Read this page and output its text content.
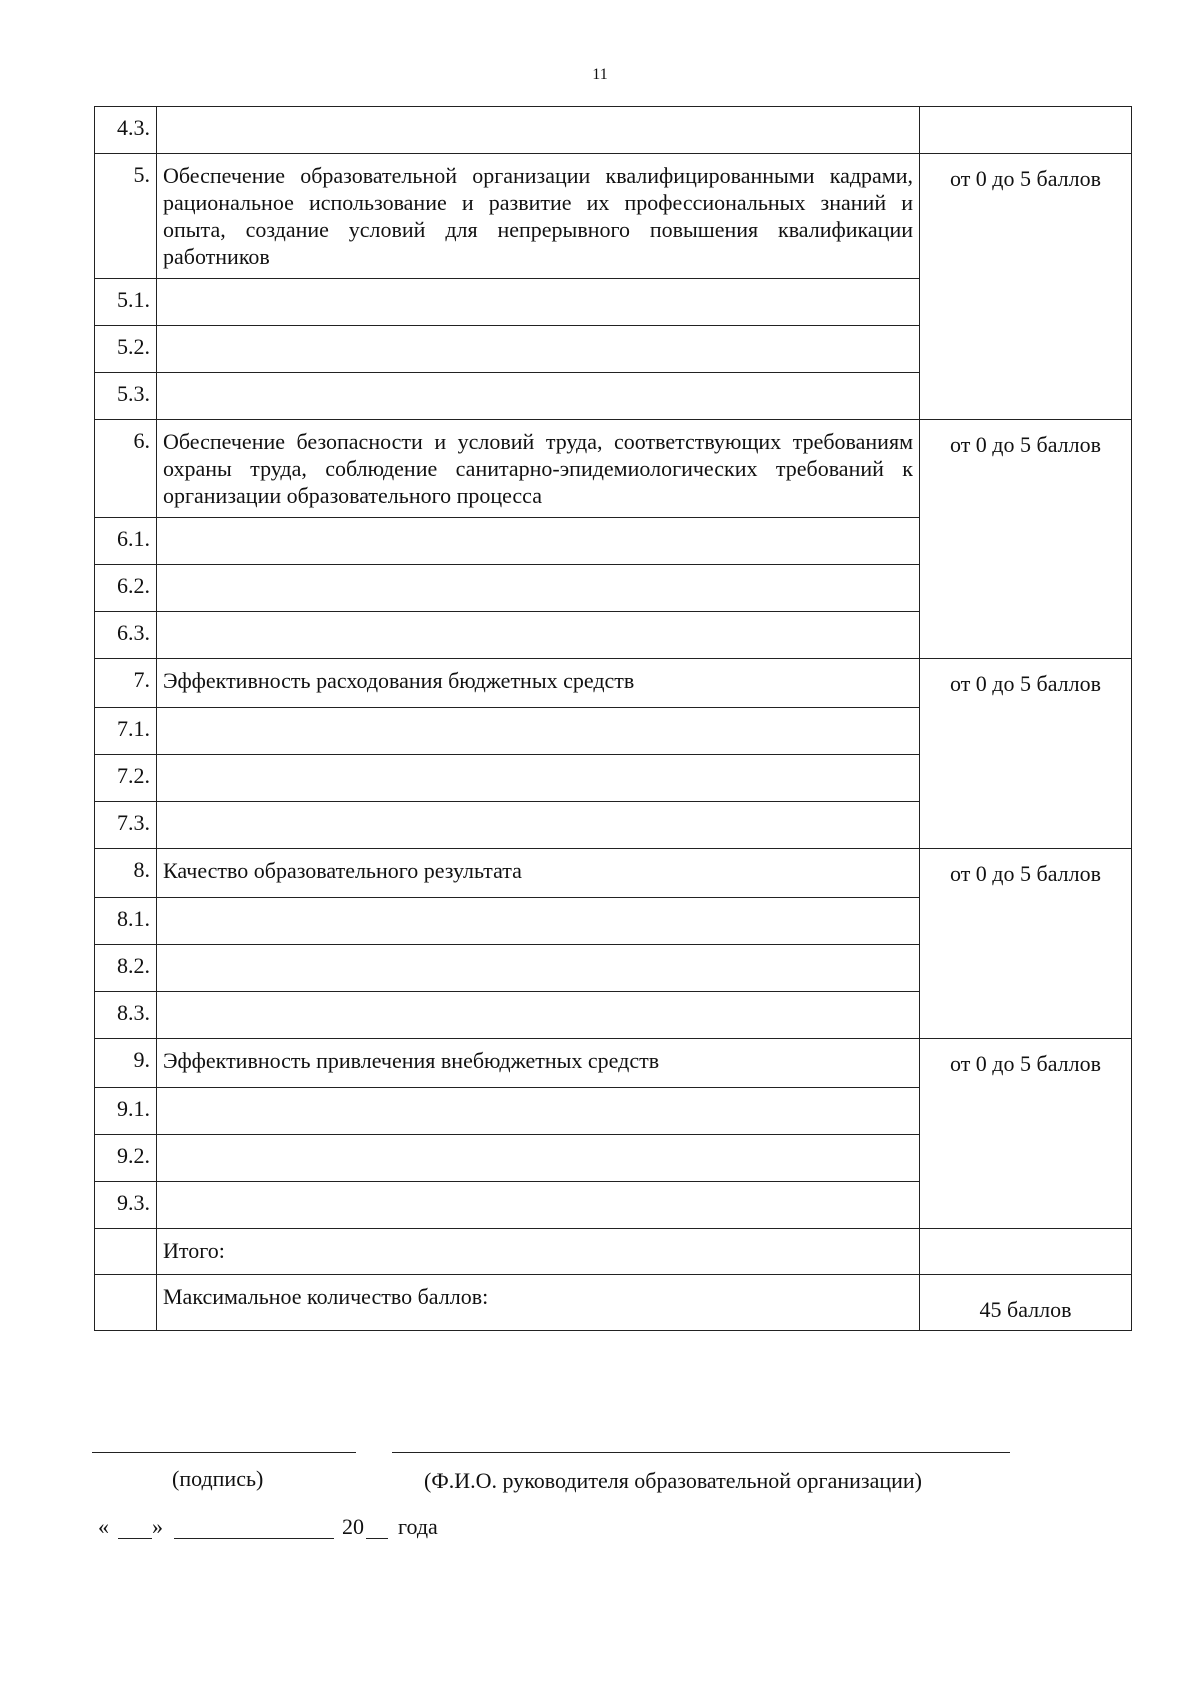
11
4.3.		
5.	Обеспечение образовательной организации квалифицированными кадрами, рациональное использование и развитие их профессиональных знаний и опыта, создание условий для непрерывного повышения квалификации работников	от 0 до 5 баллов
5.1.		
5.2.		
5.3.		
6.	Обеспечение безопасности и условий труда, соответствующих требованиям охраны труда, соблюдение санитарно-эпидемиологических требований к организации образовательного процесса	от 0 до 5 баллов
6.1.		
6.2.		
6.3.		
7.	Эффективность расходования бюджетных средств	от 0 до 5 баллов
7.1.		
7.2.		
7.3.		
8.	Качество образовательного результата	от 0 до 5 баллов
8.1.		
8.2.		
8.3.		
9.	Эффективность привлечения внебюджетных средств	от 0 до 5 баллов
9.1.		
9.2.		
9.3.		
	Итого:	
	Максимальное количество баллов:	45 баллов
(подпись)	(Ф.И.О. руководителя образовательной организации)
« »	20 года
